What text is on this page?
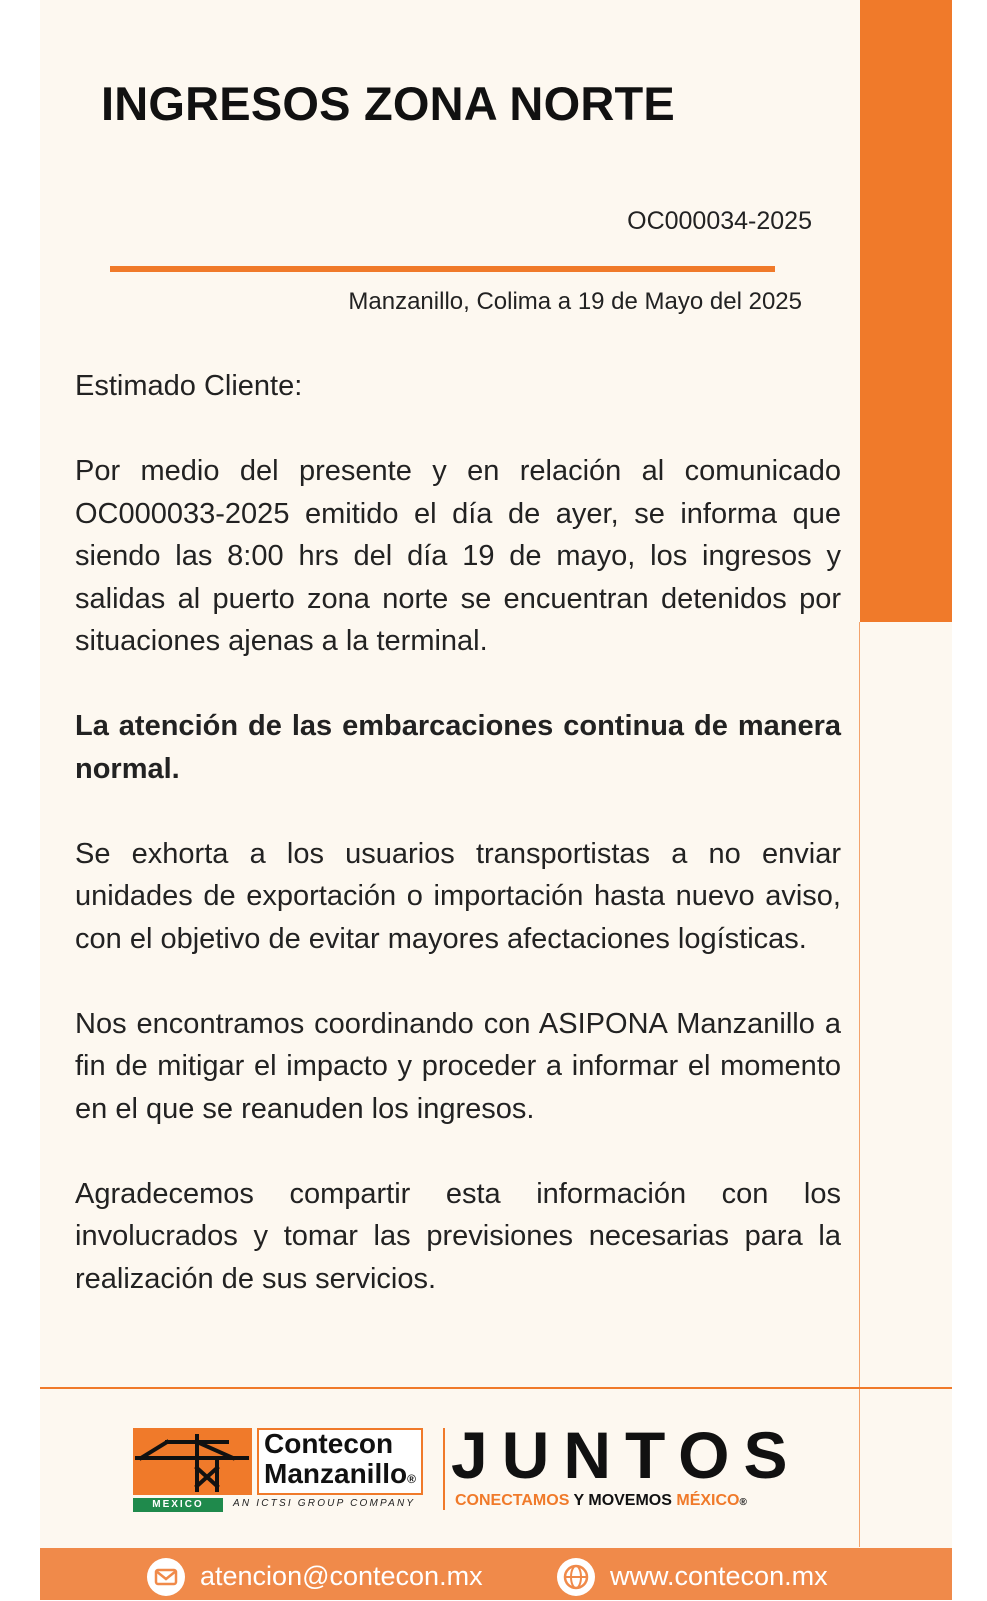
INGRESOS ZONA NORTE
OC000034-2025
Manzanillo, Colima a 19 de Mayo del 2025

Estimado Cliente:

Por medio del presente y en relación al comunicado OC000033-2025 emitido el día de ayer, se informa que siendo las 8:00 hrs del día 19 de mayo, los ingresos y salidas al puerto zona norte se encuentran detenidos por situaciones ajenas a la terminal.

La atención de las embarcaciones continua de manera normal.

Se exhorta a los usuarios transportistas a no enviar unidades de exportación o importación hasta nuevo aviso, con el objetivo de evitar mayores afectaciones logísticas.

Nos encontramos coordinando con ASIPONA Manzanillo a fin de mitigar el impacto y proceder a informar el momento en el que se reanuden los ingresos.

Agradecemos compartir esta información con los involucrados y tomar las previsiones necesarias para la realización de sus servicios.

Contecon
Manzanillo®
MEXICO	AN ICTSI GROUP COMPANY
JUNTOS
CONECTAMOS Y MOVEMOS MÉXICO®
atencion@contecon.mx	www.contecon.mx
